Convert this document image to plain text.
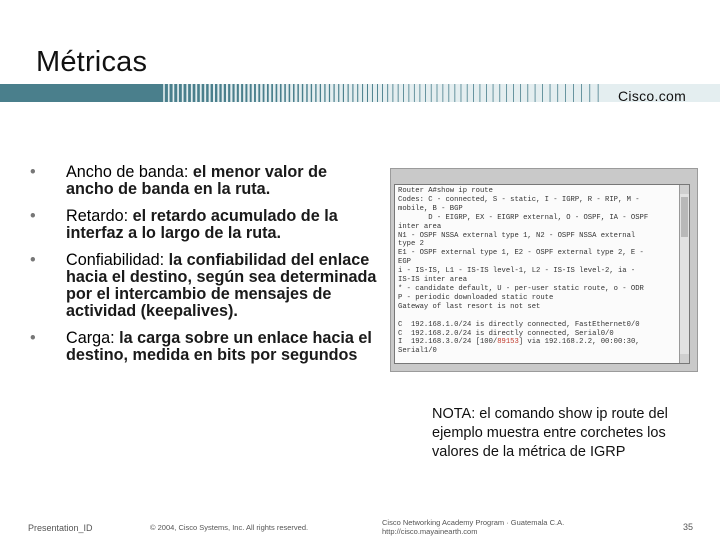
Métricas
Cisco.com
• Ancho de banda: el menor valor de ancho de banda en la ruta.
• Retardo: el retardo acumulado de la interfaz a lo largo de la ruta.
• Confiabilidad: la confiabilidad del enlace hacia el destino, según sea determinada por el intercambio de mensajes de actividad (keepalives).
• Carga: la carga sobre un enlace hacia el destino, medida en bits por segundos
Router A#show ip route
Codes: C - connected, S - static, I - IGRP, R - RIP, M -
mobile, B - BGP
D - EIGRP, EX - EIGRP external, O - OSPF, IA - OSPF
inter area
N1 - OSPF NSSA external type 1, N2 - OSPF NSSA external
type 2
E1 - OSPF external type 1, E2 - OSPF external type 2, E -
EGP
i - IS-IS, L1 - IS-IS level-1, L2 - IS-IS level-2, ia -
IS-IS inter area
* - candidate default, U - per-user static route, o - ODR
P - periodic downloaded static route
Gateway of last resort is not set

C  192.168.1.0/24 is directly connected, FastEthernet0/0
C  192.168.2.0/24 is directly connected, Serial0/0
I  192.168.3.0/24 [100/89153] via 192.168.2.2, 00:00:30,
Serial1/0
NOTA: el comando show ip route del ejemplo muestra entre corchetes los valores de la métrica de IGRP
Presentation_ID	© 2004, Cisco Systems, Inc. All rights reserved.
Cisco Networking Academy Program · Guatemala C.A.
http://cisco.mayainearth.com	35
